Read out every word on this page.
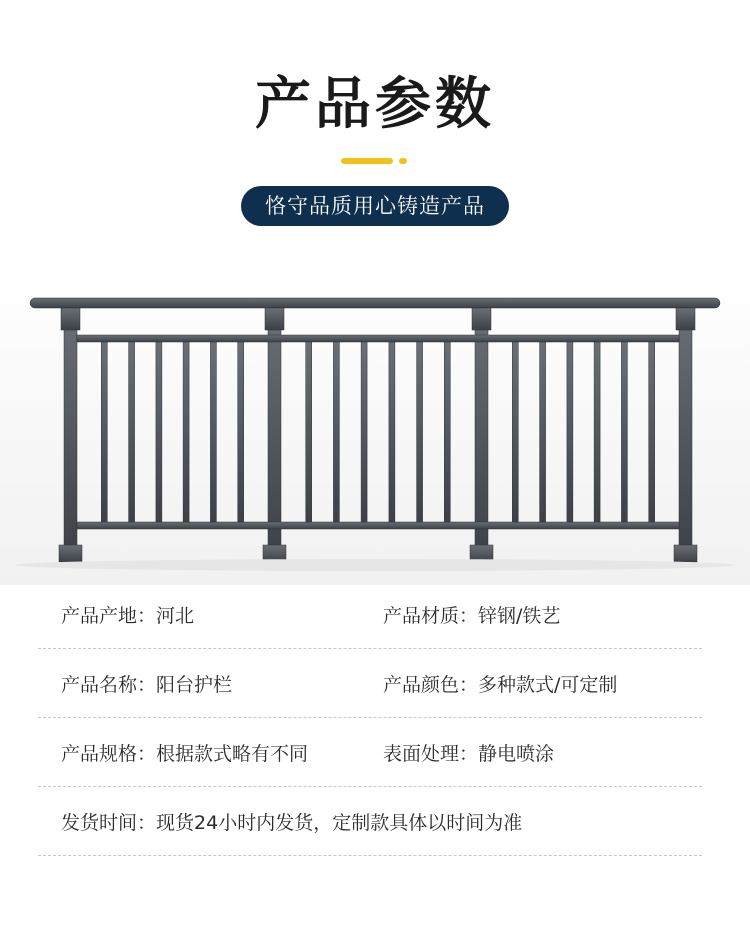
产品参数
恪守品质用心铸造产品
产品产地： 河北	产品材质： 锌钢/铁艺
产品名称： 阳台护栏	产品颜色： 多种款式/可定制
产品规格： 根据款式略有不同	表面处理： 静电喷涂
发货时间： 现货24小时内发货，定制款具体以时间为准
